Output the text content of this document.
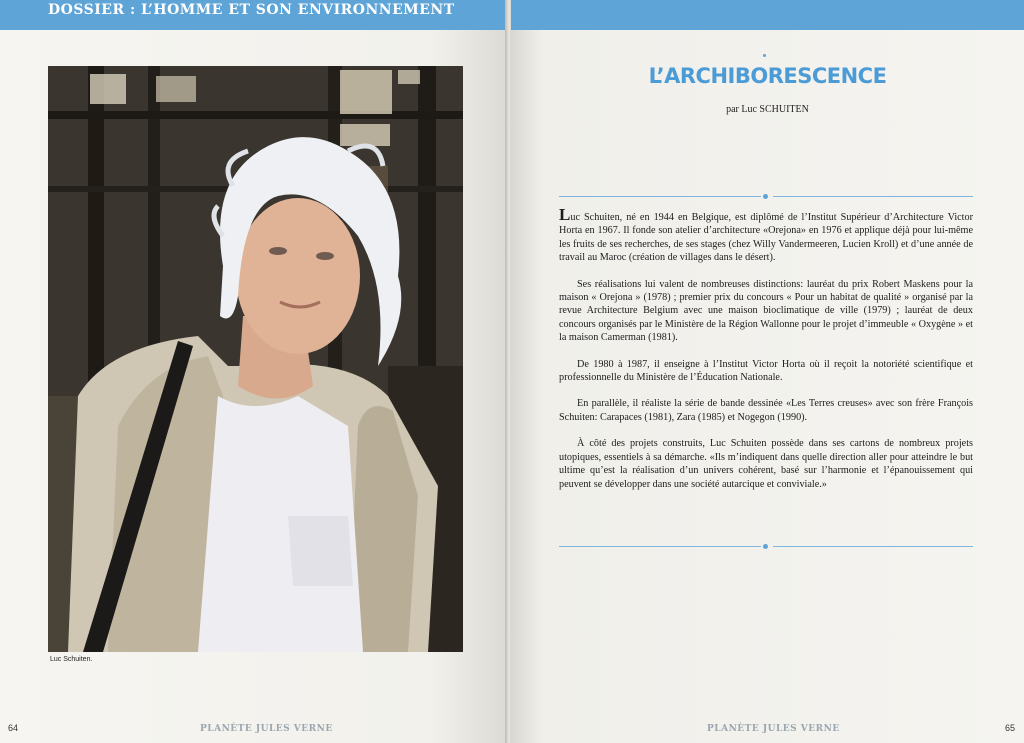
DOSSIER : L’HOMME ET SON ENVIRONNEMENT
Luc Schuiten.
64	PLANÈTE JULES VERNE
L’ARCHIBORESCENCE
par Luc SCHUITEN

Luc Schuiten, né en 1944 en Belgique, est diplômé de l’Institut Supérieur d’Architecture Victor Horta en 1967. Il fonde son atelier d’architecture «Orejona» en 1976 et applique déjà pour lui-même les fruits de ses recherches, de ses stages (chez Willy Vandermeeren, Lucien Kroll) et d’une année de travail au Maroc (création de villages dans le désert).

Ses réalisations lui valent de nombreuses distinctions: lauréat du prix Robert Maskens pour la maison « Orejona » (1978) ; premier prix du concours « Pour un habitat de qualité » organisé par la revue Architecture Belgium avec une maison bioclimatique de ville (1979) ; lauréat de deux concours organisés par le Ministère de la Région Wallonne pour le projet d’immeuble « Oxygène » et la maison Camerman (1981).

De 1980 à 1987, il enseigne à l’Institut Victor Horta où il reçoit la notoriété scientifique et professionnelle du Ministère de l’Éducation Nationale.

En parallèle, il réaliste la série de bande dessinée «Les Terres creuses» avec son frère François Schuiten: Carapaces (1981), Zara (1985) et Nogegon (1990).

À côté des projets construits, Luc Schuiten possède dans ses cartons de nombreux projets utopiques, essentiels à sa démarche. «Ils m’indiquent dans quelle direction aller pour atteindre le but ultime qu’est la réalisation d’un univers cohérent, basé sur l’harmonie et l’épanouissement qui peuvent se développer dans une société autarcique et conviviale.»

PLANÈTE JULES VERNE	65
